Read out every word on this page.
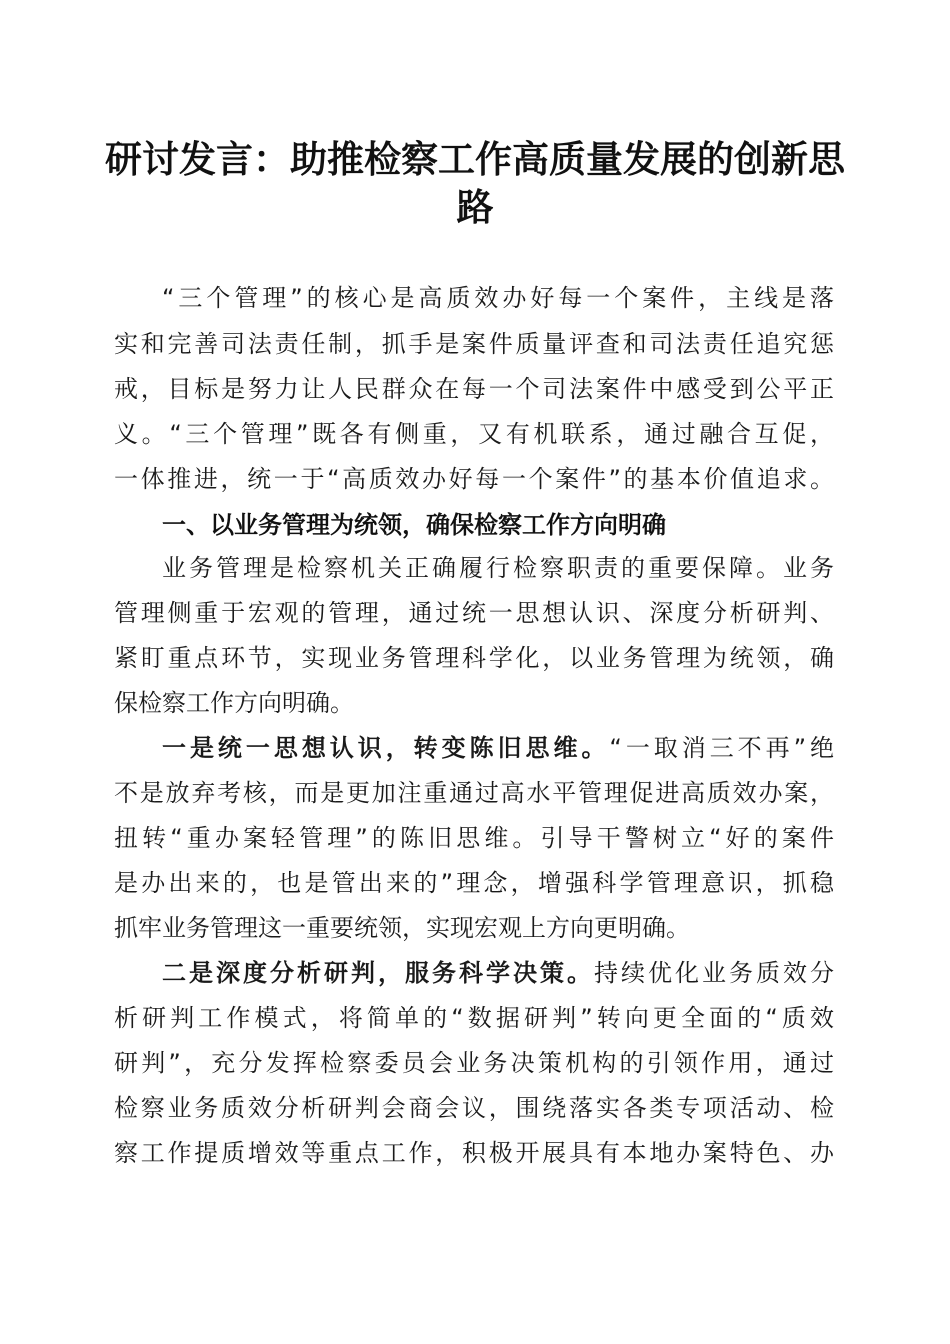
研讨发言：助推检察工作高质量发展的创新思
路
“三个管理”的核心是高质效办好每一个案件，主线是落
实和完善司法责任制，抓手是案件质量评查和司法责任追究惩
戒，目标是努力让人民群众在每一个司法案件中感受到公平正
义。“三个管理”既各有侧重，又有机联系，通过融合互促，
一体推进，统一于“高质效办好每一个案件”的基本价值追求。
一、以业务管理为统领，确保检察工作方向明确
业务管理是检察机关正确履行检察职责的重要保障。业务
管理侧重于宏观的管理，通过统一思想认识、深度分析研判、
紧盯重点环节，实现业务管理科学化，以业务管理为统领，确
保检察工作方向明确。
一是统一思想认识，转变陈旧思维。“一取消三不再”绝
不是放弃考核，而是更加注重通过高水平管理促进高质效办案，
扭转“重办案轻管理”的陈旧思维。引导干警树立“好的案件
是办出来的，也是管出来的”理念，增强科学管理意识，抓稳
抓牢业务管理这一重要统领，实现宏观上方向更明确。
二是深度分析研判，服务科学决策。持续优化业务质效分
析研判工作模式，将简单的“数据研判”转向更全面的“质效
研判”，充分发挥检察委员会业务决策机构的引领作用，通过
检察业务质效分析研判会商会议，围绕落实各类专项活动、检
察工作提质增效等重点工作，积极开展具有本地办案特色、办
